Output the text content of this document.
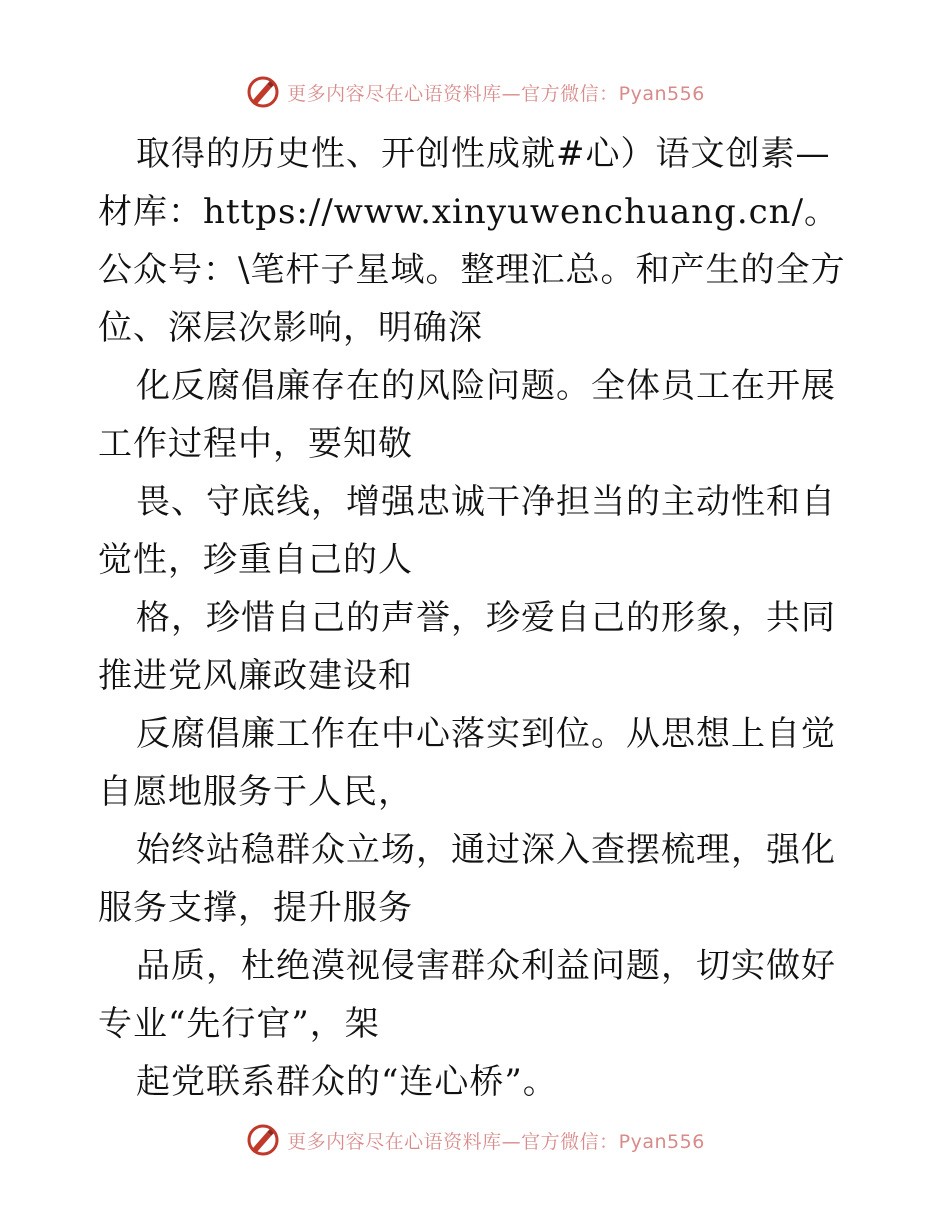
更多内容尽在心语资料库—官方微信：Pyan556

取得的历史性、开创性成就#心）语文创素—材库：https://www.xinyuwenchuang.cn/。公众号：\笔杆子星域。整理汇总。和产生的全方位、深层次影响，明确深

化反腐倡廉存在的风险问题。全体员工在开展工作过程中，要知敬

畏、守底线，增强忠诚干净担当的主动性和自觉性，珍重自己的人

格，珍惜自己的声誉，珍爱自己的形象，共同推进党风廉政建设和

反腐倡廉工作在中心落实到位。从思想上自觉自愿地服务于人民，

始终站稳群众立场，通过深入查摆梳理，强化服务支撑，提升服务

品质，杜绝漠视侵害群众利益问题，切实做好专业“先行官”，架

起党联系群众的“连心桥”。

更多内容尽在心语资料库—官方微信：Pyan556
